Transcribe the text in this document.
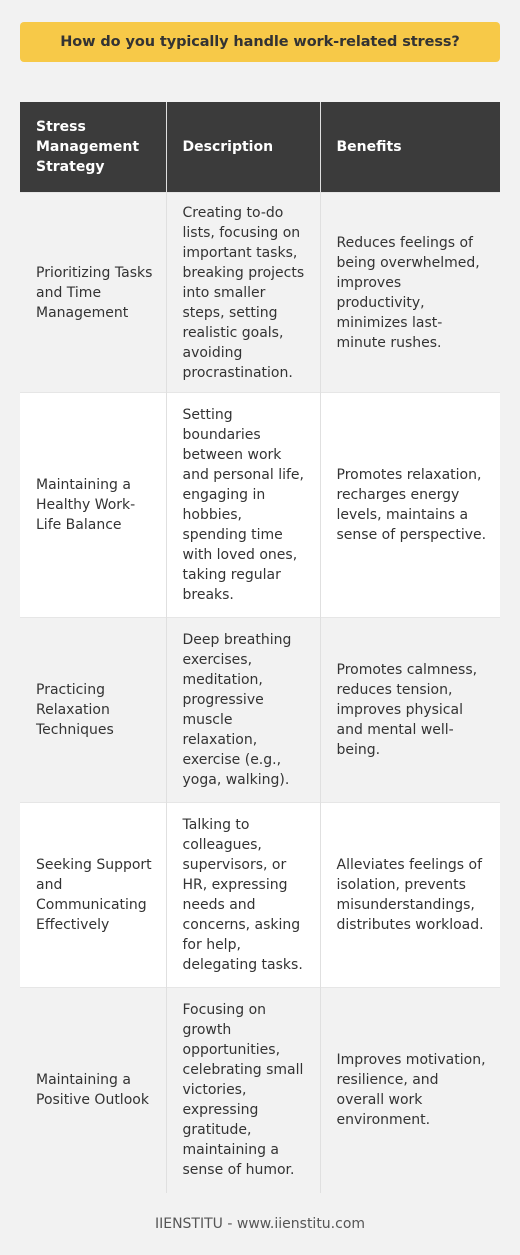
How do you typically handle work-related stress?
Stress Management Strategy	Description	Benefits
Prioritizing Tasks and Time Management	Creating to-do lists, focusing on important tasks, breaking projects into smaller steps, setting realistic goals, avoiding procrastination.	Reduces feelings of being overwhelmed, improves productivity, minimizes last-minute rushes.
Maintaining a Healthy Work-Life Balance	Setting boundaries between work and personal life, engaging in hobbies, spending time with loved ones, taking regular breaks.	Promotes relaxation, recharges energy levels, maintains a sense of perspective.
Practicing Relaxation Techniques	Deep breathing exercises, meditation, progressive muscle relaxation, exercise (e.g., yoga, walking).	Promotes calmness, reduces tension, improves physical and mental well-being.
Seeking Support and Communicating Effectively	Talking to colleagues, supervisors, or HR, expressing needs and concerns, asking for help, delegating tasks.	Alleviates feelings of isolation, prevents misunderstandings, distributes workload.
Maintaining a Positive Outlook	Focusing on growth opportunities, celebrating small victories, expressing gratitude, maintaining a sense of humor.	Improves motivation, resilience, and overall work environment.
IIENSTITU - www.iienstitu.com
